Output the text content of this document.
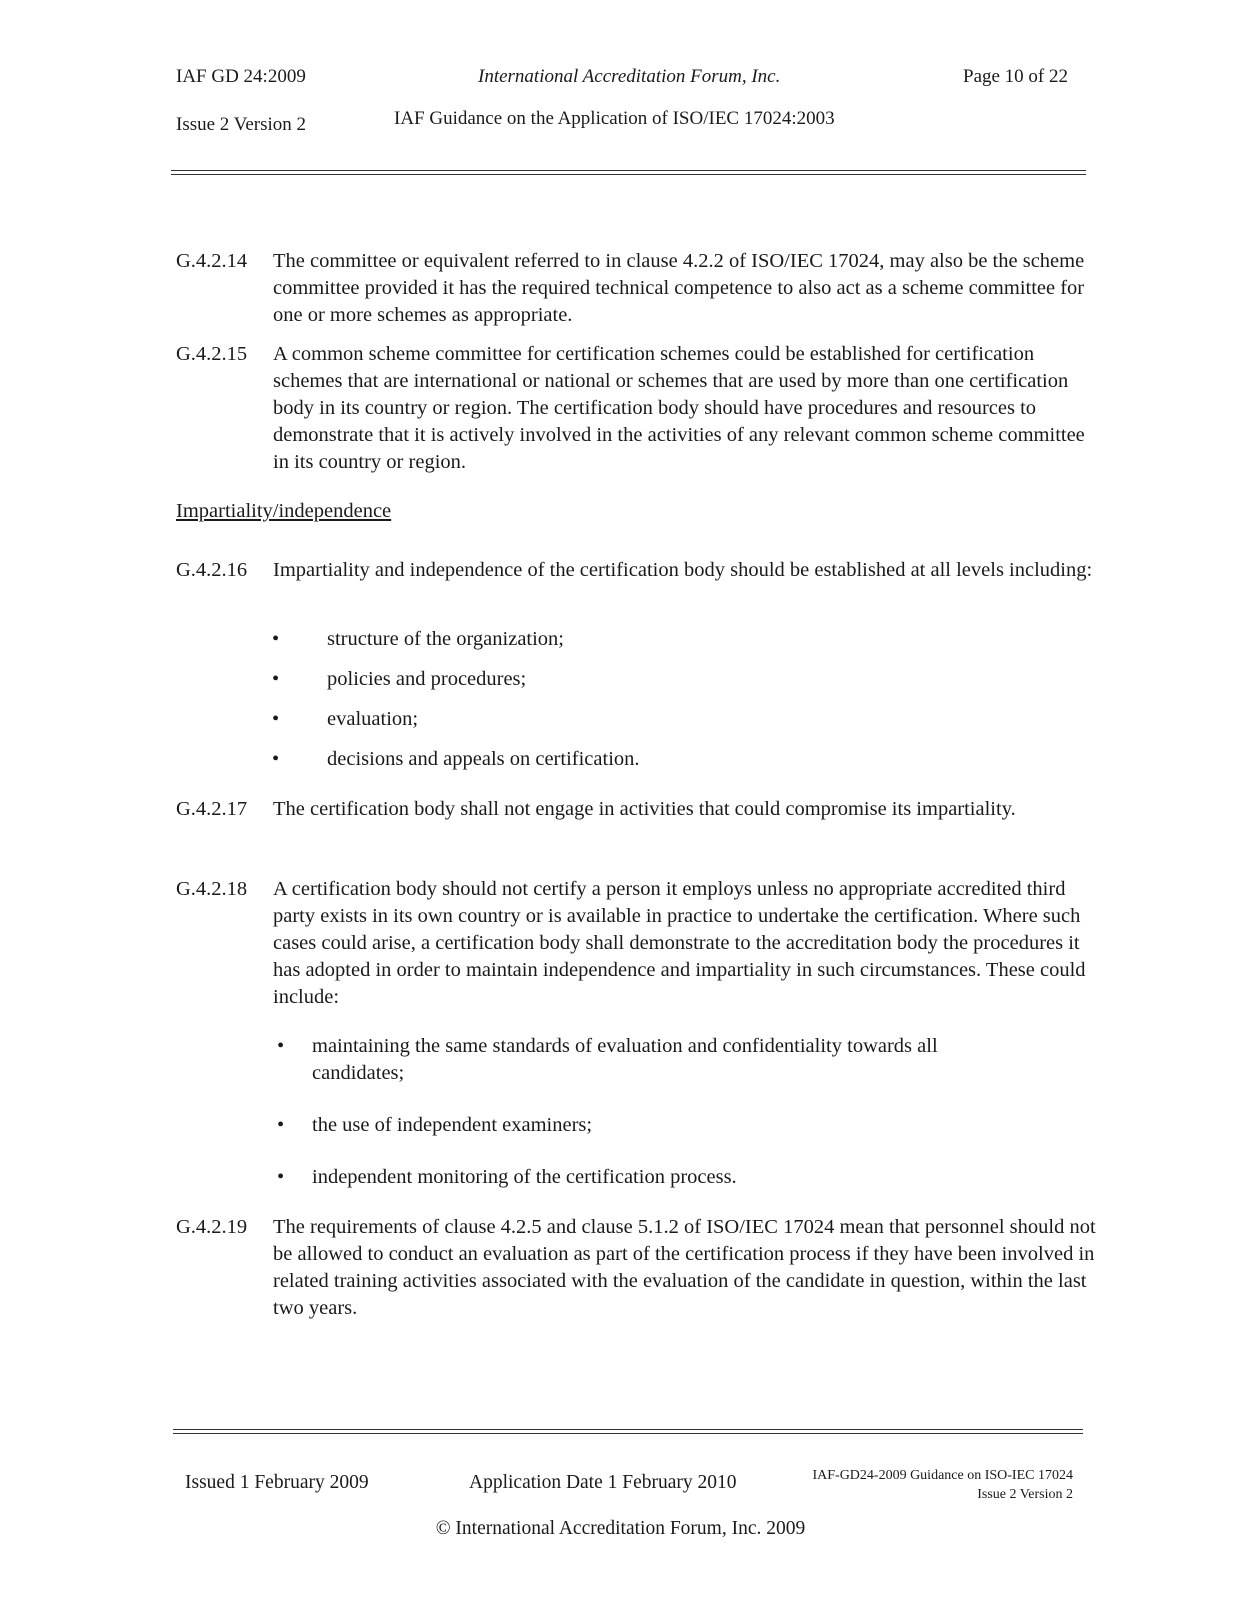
IAF GD 24:2009	International Accreditation Forum, Inc.	Page 10 of 22
Issue 2 Version 2	IAF Guidance on the Application of ISO/IEC 17024:2003
G.4.2.14 The committee or equivalent referred to in clause 4.2.2 of ISO/IEC 17024, may also be the scheme committee provided it has the required technical competence to also act as a scheme committee for one or more schemes as appropriate.
G.4.2.15 A common scheme committee for certification schemes could be established for certification schemes that are international or national or schemes that are used by more than one certification body in its country or region. The certification body should have procedures and resources to demonstrate that it is actively involved in the activities of any relevant common scheme committee in its country or region.
Impartiality/independence
G.4.2.16 Impartiality and independence of the certification body should be established at all levels including:
• structure of the organization;
• policies and procedures;
• evaluation;
• decisions and appeals on certification.
G.4.2.17 The certification body shall not engage in activities that could compromise its impartiality.
G.4.2.18 A certification body should not certify a person it employs unless no appropriate accredited third party exists in its own country or is available in practice to undertake the certification. Where such cases could arise, a certification body shall demonstrate to the accreditation body the procedures it has adopted in order to maintain independence and impartiality in such circumstances. These could include:
• maintaining the same standards of evaluation and confidentiality towards all candidates;
• the use of independent examiners;
• independent monitoring of the certification process.
G.4.2.19 The requirements of clause 4.2.5 and clause 5.1.2 of ISO/IEC 17024 mean that personnel should not be allowed to conduct an evaluation as part of the certification process if they have been involved in related training activities associated with the evaluation of the candidate in question, within the last two years.
Issued 1 February 2009	Application Date 1 February 2010	IAF-GD24-2009 Guidance on ISO-IEC 17024
Issue 2 Version 2
© International Accreditation Forum, Inc. 2009
